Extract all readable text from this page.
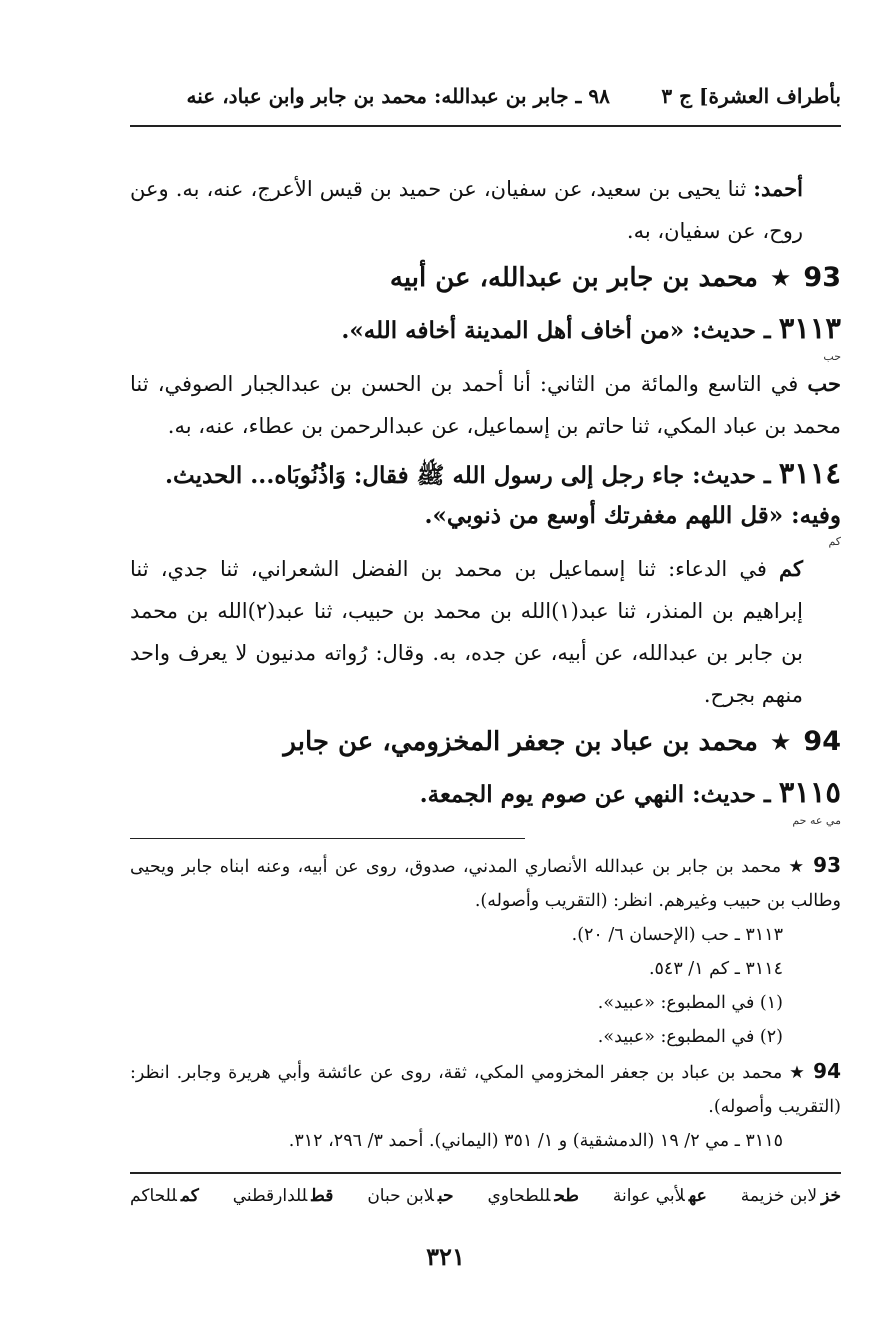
بأطراف العشرة] ج ٣
٩٨ ـ جابر بن عبدالله: محمد بن جابر وابن عباد، عنه

أحمد: ثنا يحيى بن سعيد، عن سفيان، عن حميد بن قيس الأعرج، عنه، به. وعن روح، عن سفيان، به.

93
★
محمد بن جابر بن عبدالله، عن أبيه
٣١١٣ ـ حديث: «من أخاف أهل المدينة أخافه الله».
حب

حب في التاسع والمائة من الثاني: أنا أحمد بن الحسن بن عبدالجبار الصوفي، ثنا محمد بن عباد المكي، ثنا حاتم بن إسماعيل، عن عبدالرحمن بن عطاء، عنه، به.

٣١١٤ ـ حديث: جاء رجل إلى رسول الله ﷺ فقال: وَاذُنُوبَاه... الحديث. وفيه: «قل اللهم مغفرتك أوسع من ذنوبي».
كم

كم في الدعاء: ثنا إسماعيل بن محمد بن الفضل الشعراني، ثنا جدي، ثنا إبراهيم بن المنذر، ثنا عبد(١)الله بن محمد بن حبيب، ثنا عبد(٢)الله بن محمد بن جابر بن عبدالله، عن أبيه، عن جده، به. وقال: رُواته مدنيون لا يعرف واحد منهم بجرح.

94
★
محمد بن عباد بن جعفر المخزومي، عن جابر
٣١١٥ ـ حديث: النهي عن صوم يوم الجمعة.
مي عه حم

93 ★ محمد بن جابر بن عبدالله الأنصاري المدني، صدوق، روى عن أبيه، وعنه ابناه جابر ويحيى وطالب بن حبيب وغيرهم. انظر: (التقريب وأصوله).

٣١١٣ ـ حب (الإحسان ٦/ ٢٠).

٣١١٤ ـ كم ١/ ٥٤٣.

(١) في المطبوع: «عبيد».

(٢) في المطبوع: «عبيد».

94 ★ محمد بن عباد بن جعفر المخزومي المكي، ثقة، روى عن عائشة وأبي هريرة وجابر. انظر: (التقريب وأصوله).

٣١١٥ ـ مي ٢/ ١٩ (الدمشقية) و ١/ ٣٥١ (اليماني). أحمد ٣/ ٢٩٦، ٣١٢.

خزلابن خزيمة
عهلأبي عوانة
طحللطحاوي
حبلابن حبان
قطللدارقطني
كمللحاكم
٣٢١
